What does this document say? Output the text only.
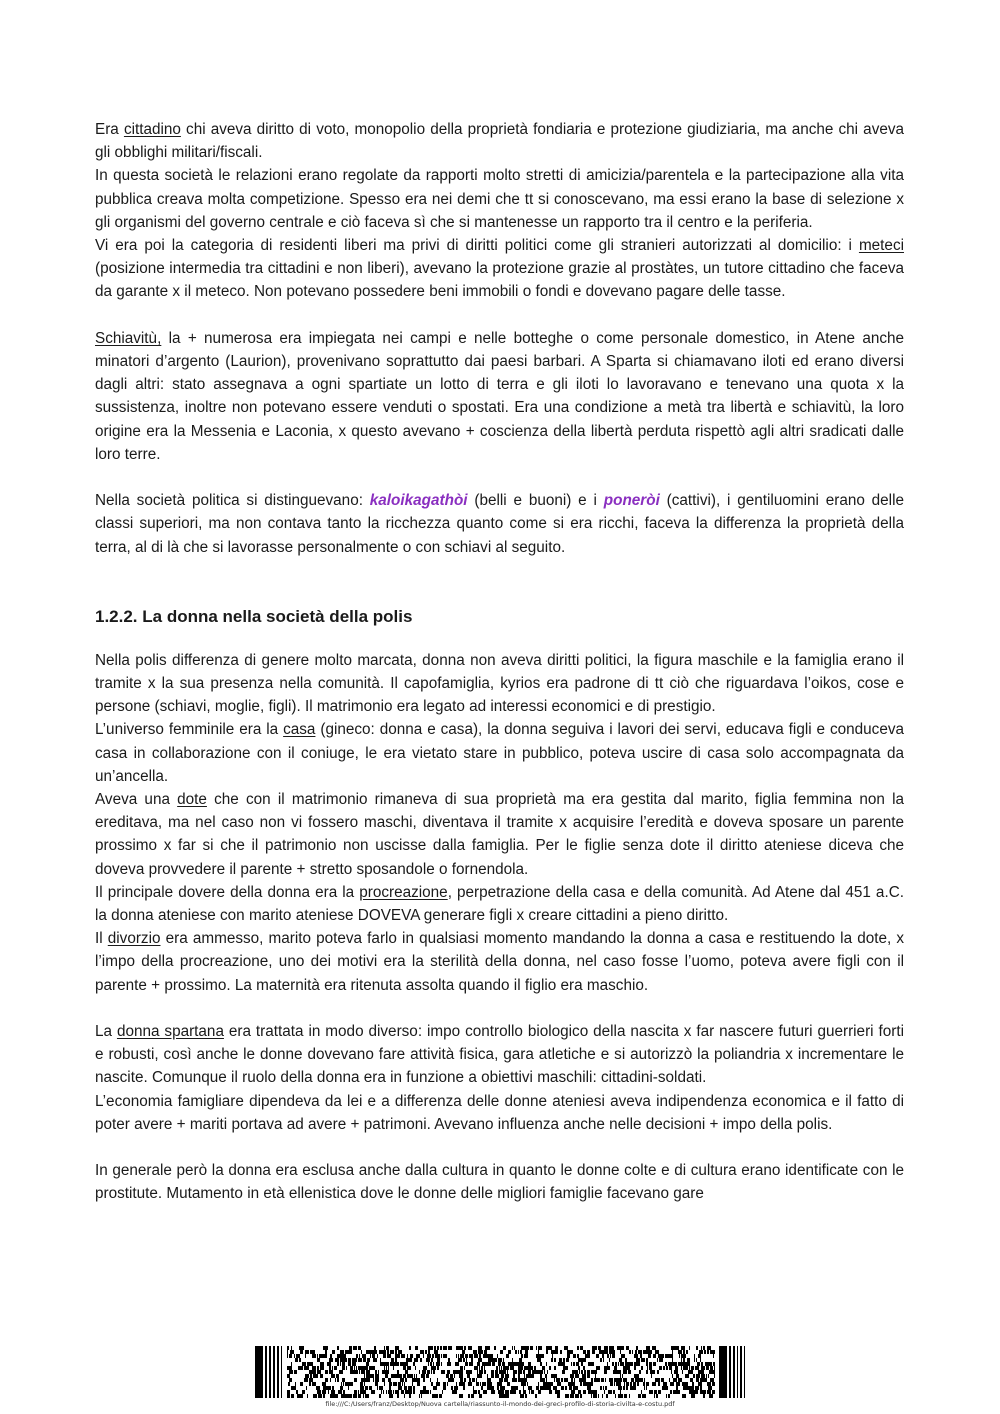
Era cittadino chi aveva diritto di voto, monopolio della proprietà fondiaria e protezione giudiziaria, ma anche chi aveva gli obblighi militari/fiscali.

In questa società le relazioni erano regolate da rapporti molto stretti di amicizia/parentela e la partecipazione alla vita pubblica creava molta competizione. Spesso era nei demi che tt si conoscevano, ma essi erano la base di selezione x gli organismi del governo centrale e ciò faceva sì che si mantenesse un rapporto tra il centro e la periferia.

Vi era poi la categoria di residenti liberi ma privi di diritti politici come gli stranieri autorizzati al domicilio: i meteci (posizione intermedia tra cittadini e non liberi), avevano la protezione grazie al prostàtes, un tutore cittadino che faceva da garante x il meteco. Non potevano possedere beni immobili o fondi e dovevano pagare delle tasse.

Schiavitù, la + numerosa era impiegata nei campi e nelle botteghe o come personale domestico, in Atene anche minatori d’argento (Laurion), provenivano soprattutto dai paesi barbari. A Sparta si chiamavano iloti ed erano diversi dagli altri: stato assegnava a ogni spartiate un lotto di terra e gli iloti lo lavoravano e tenevano una quota x la sussistenza, inoltre non potevano essere venduti o spostati. Era una condizione a metà tra libertà e schiavitù, la loro origine era la Messenia e Laconia, x questo avevano + coscienza della libertà perduta rispettò agli altri sradicati dalle loro terre.

Nella società politica si distinguevano: kaloikagathòi (belli e buoni) e i poneròi (cattivi), i gentiluomini erano delle classi superiori, ma non contava tanto la ricchezza quanto come si era ricchi, faceva la differenza la proprietà della terra, al di là che si lavorasse personalmente o con schiavi al seguito.

1.2.2. La donna nella società della polis

Nella polis differenza di genere molto marcata, donna non aveva diritti politici, la figura maschile e la famiglia erano il tramite x la sua presenza nella comunità. Il capofamiglia, kyrios era padrone di tt ciò che riguardava l’oikos, cose e persone (schiavi, moglie, figli). Il matrimonio era legato ad interessi economici e di prestigio.

L’universo femminile era la casa (gineco: donna e casa), la donna seguiva i lavori dei servi, educava figli e conduceva casa in collaborazione con il coniuge, le era vietato stare in pubblico, poteva uscire di casa solo accompagnata da un’ancella.

Aveva una dote che con il matrimonio rimaneva di sua proprietà ma era gestita dal marito, figlia femmina non la ereditava, ma nel caso non vi fossero maschi, diventava il tramite x acquisire l’eredità e doveva sposare un parente prossimo x far si che il patrimonio non uscisse dalla famiglia. Per le figlie senza dote il diritto ateniese diceva che doveva provvedere il parente + stretto sposandole o fornendola.

Il principale dovere della donna era la procreazione, perpetrazione della casa e della comunità. Ad Atene dal 451 a.C. la donna ateniese con marito ateniese DOVEVA generare figli x creare cittadini a pieno diritto.

Il divorzio era ammesso, marito poteva farlo in qualsiasi momento mandando la donna a casa e restituendo la dote, x l’impo della procreazione, uno dei motivi era la sterilità della donna, nel caso fosse l’uomo, poteva avere figli con il parente + prossimo. La maternità era ritenuta assolta quando il figlio era maschio.

La donna spartana era trattata in modo diverso: impo controllo biologico della nascita x far nascere futuri guerrieri forti e robusti, così anche le donne dovevano fare attività fisica, gara atletiche e si autorizzò la poliandria x incrementare le nascite. Comunque il ruolo della donna era in funzione a obiettivi maschili: cittadini-soldati.

L’economia famigliare dipendeva da lei e a differenza delle donne ateniesi aveva indipendenza economica e il fatto di poter avere + mariti portava ad avere + patrimoni. Avevano influenza anche nelle decisioni + impo della polis.

In generale però la donna era esclusa anche dalla cultura in quanto le donne colte e di cultura erano identificate con le prostitute. Mutamento in età ellenistica dove le donne delle migliori famiglie facevano gare

file:///C:/Users/franz/Desktop/Nuova cartella/riassunto-il-mondo-dei-greci-profilo-di-storia-civilta-e-costu.pdf
